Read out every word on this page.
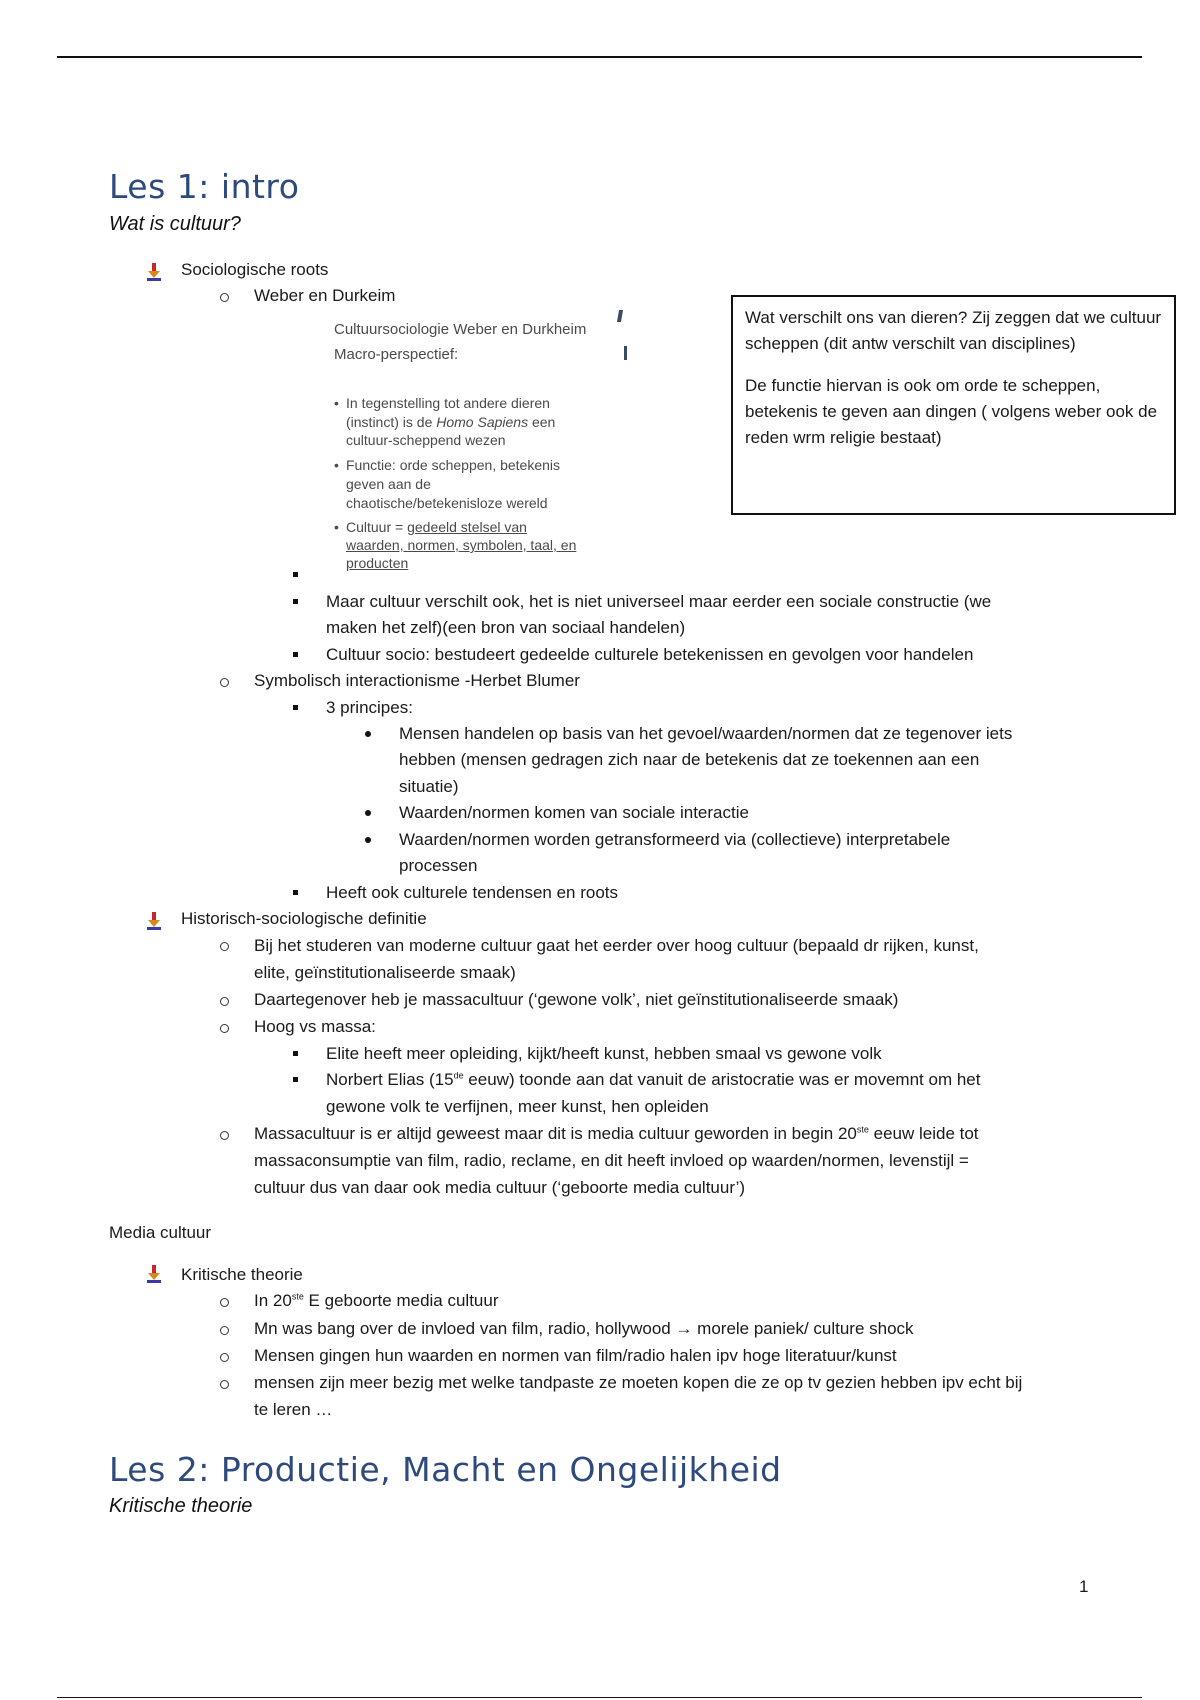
Les 1: intro
Wat is cultuur?
Sociologische roots
Weber en Durkeim
Cultuursociologie Weber en Durkheim
Macro-perspectief:
• In tegenstelling tot andere dieren
(instinct) is de Homo Sapiens een
cultuur-scheppend wezen
• Functie: orde scheppen, betekenis
geven aan de
chaotische/betekenisloze wereld
• Cultuur = gedeeld stelsel van
waarden, normen, symbolen, taal, en
producten

Wat verschilt ons van dieren? Zij zeggen dat we cultuur scheppen (dit antw verschilt van disciplines)

De functie hiervan is ook om orde te scheppen, betekenis te geven aan dingen ( volgens weber ook de reden wrm religie bestaat)

Maar cultuur verschilt ook, het is niet universeel maar eerder een sociale constructie (we
maken het zelf)(een bron van sociaal handelen)
Cultuur socio: bestudeert gedeelde culturele betekenissen en gevolgen voor handelen
Symbolisch interactionisme -Herbet Blumer
3 principes:
Mensen handelen op basis van het gevoel/waarden/normen dat ze tegenover iets
hebben (mensen gedragen zich naar de betekenis dat ze toekennen aan een
situatie)
Waarden/normen komen van sociale interactie
Waarden/normen worden getransformeerd via (collectieve) interpretabele
processen
Heeft ook culturele tendensen en roots
Historisch-sociologische definitie
Bij het studeren van moderne cultuur gaat het eerder over hoog cultuur (bepaald dr rijken, kunst,
elite, geïnstitutionaliseerde smaak)
Daartegenover heb je massacultuur (‘gewone volk’, niet geïnstitutionaliseerde smaak)
Hoog vs massa:
Elite heeft meer opleiding, kijkt/heeft kunst, hebben smaal vs gewone volk
Norbert Elias (15de eeuw) toonde aan dat vanuit de aristocratie was er movemnt om het
gewone volk te verfijnen, meer kunst, hen opleiden
Massacultuur is er altijd geweest maar dit is media cultuur geworden in begin 20ste eeuw leide tot
massaconsumptie van film, radio, reclame, en dit heeft invloed op waarden/normen, levenstijl =
cultuur dus van daar ook media cultuur (‘geboorte media cultuur’)
Media cultuur
Kritische theorie
In 20ste E geboorte media cultuur
Mn was bang over de invloed van film, radio, hollywood → morele paniek/ culture shock
Mensen gingen hun waarden en normen van film/radio halen ipv hoge literatuur/kunst
mensen zijn meer bezig met welke tandpaste ze moeten kopen die ze op tv gezien hebben ipv echt bij
te leren …
Les 2: Productie, Macht en Ongelijkheid
Kritische theorie
1
